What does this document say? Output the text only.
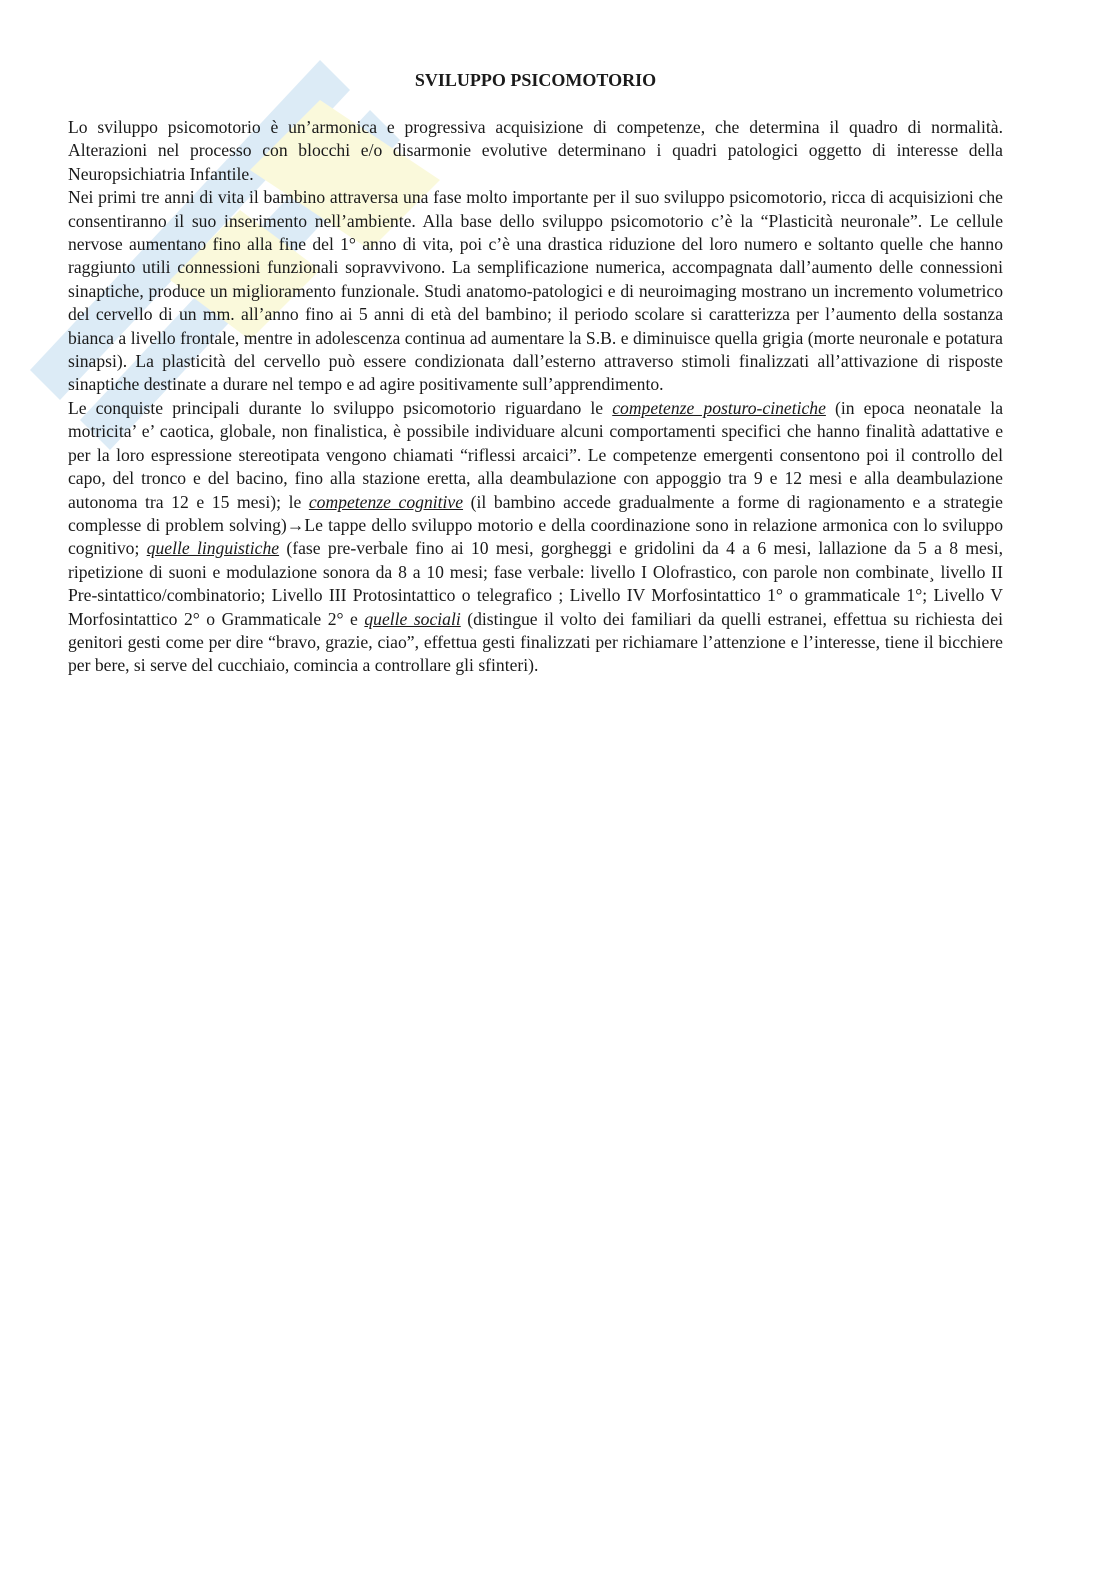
SVILUPPO PSICOMOTORIO

Lo sviluppo psicomotorio è un’armonica e progressiva acquisizione di competenze, che determina il quadro di normalità. Alterazioni nel processo con blocchi e/o disarmonie evolutive determinano i quadri patologici oggetto di interesse della Neuropsichiatria Infantile.

Nei primi tre anni di vita il bambino attraversa una fase molto importante per il suo sviluppo psicomotorio, ricca di acquisizioni che consentiranno il suo inserimento nell’ambiente. Alla base dello sviluppo psicomotorio c’è la “Plasticità neuronale”. Le cellule nervose aumentano fino alla fine del 1° anno di vita, poi c’è una drastica riduzione del loro numero e soltanto quelle che hanno raggiunto utili connessioni funzionali sopravvivono. La semplificazione numerica, accompagnata dall’aumento delle connessioni sinaptiche, produce un miglioramento funzionale. Studi anatomo-patologici e di neuroimaging mostrano un incremento volumetrico del cervello di un mm. all’anno fino ai 5 anni di età del bambino; il periodo scolare si caratterizza per l’aumento della sostanza bianca a livello frontale, mentre in adolescenza continua ad aumentare la S.B. e diminuisce quella grigia (morte neuronale e potatura sinapsi). La plasticità del cervello può essere condizionata dall’esterno attraverso stimoli finalizzati all’attivazione di risposte sinaptiche destinate a durare nel tempo e ad agire positivamente sull’apprendimento.

Le conquiste principali durante lo sviluppo psicomotorio riguardano le competenze posturo-cinetiche (in epoca neonatale la motricita’ e’ caotica, globale, non finalistica, è possibile individuare alcuni comportamenti specifici che hanno finalità adattative e per la loro espressione stereotipata vengono chiamati “riflessi arcaici”. Le competenze emergenti consentono poi il controllo del capo, del tronco e del bacino, fino alla stazione eretta, alla deambulazione con appoggio tra 9 e 12 mesi e alla deambulazione autonoma tra 12 e 15 mesi); le competenze cognitive (il bambino accede gradualmente a forme di ragionamento e a strategie complesse di problem solving)→Le tappe dello sviluppo motorio e della coordinazione sono in relazione armonica con lo sviluppo cognitivo; quelle linguistiche (fase pre-verbale fino ai 10 mesi, gorgheggi e gridolini da 4 a 6 mesi, lallazione da 5 a 8 mesi, ripetizione di suoni e modulazione sonora da 8 a 10 mesi; fase verbale: livello I Olofrastico, con parole non combinate¸ livello II Pre-sintattico/combinatorio; Livello III Protosintattico o telegrafico ; Livello IV Morfosintattico 1° o grammaticale 1°; Livello V Morfosintattico 2° o Grammaticale 2° e quelle sociali (distingue il volto dei familiari da quelli estranei, effettua su richiesta dei genitori gesti come per dire “bravo, grazie, ciao”, effettua gesti finalizzati per richiamare l’attenzione e l’interesse, tiene il bicchiere per bere, si serve del cucchiaio, comincia a controllare gli sfinteri).
